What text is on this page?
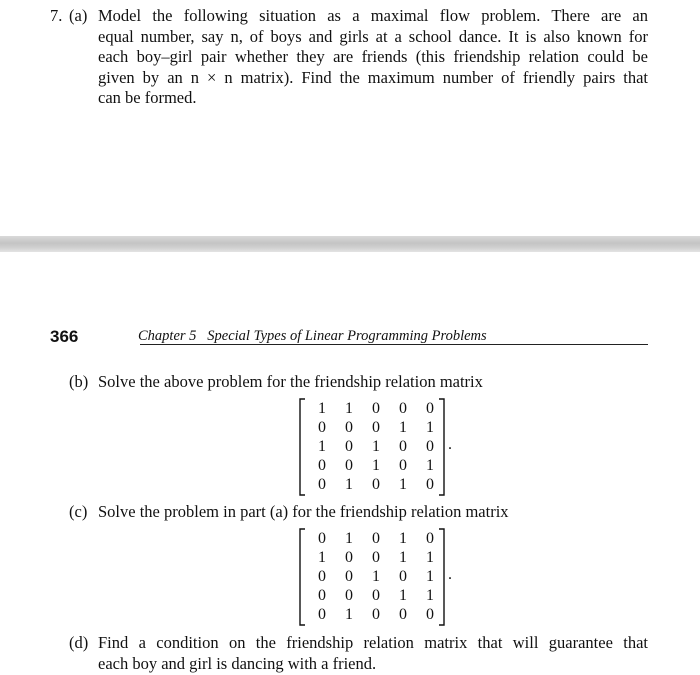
7. (a) Model the following situation as a maximal flow problem. There are an
equal number, say n, of boys and girls at a school dance. It is also known for
each boy–girl pair whether they are friends (this friendship relation could be
given by an n × n matrix). Find the maximum number of friendly pairs that
can be formed.
366	Chapter 5 Special Types of Linear Programming Problems
(b) Solve the above problem for the friendship relation matrix
1	1	0	0	0
0	0	0	1	1
1	0	1	0	0
0	0	1	0	1
0	1	0	1	0
.
(c) Solve the problem in part (a) for the friendship relation matrix
0	1	0	1	0
1	0	0	1	1
0	0	1	0	1
0	0	0	1	1
0	1	0	0	0
.
(d) Find a condition on the friendship relation matrix that will guarantee that
each boy and girl is dancing with a friend.
